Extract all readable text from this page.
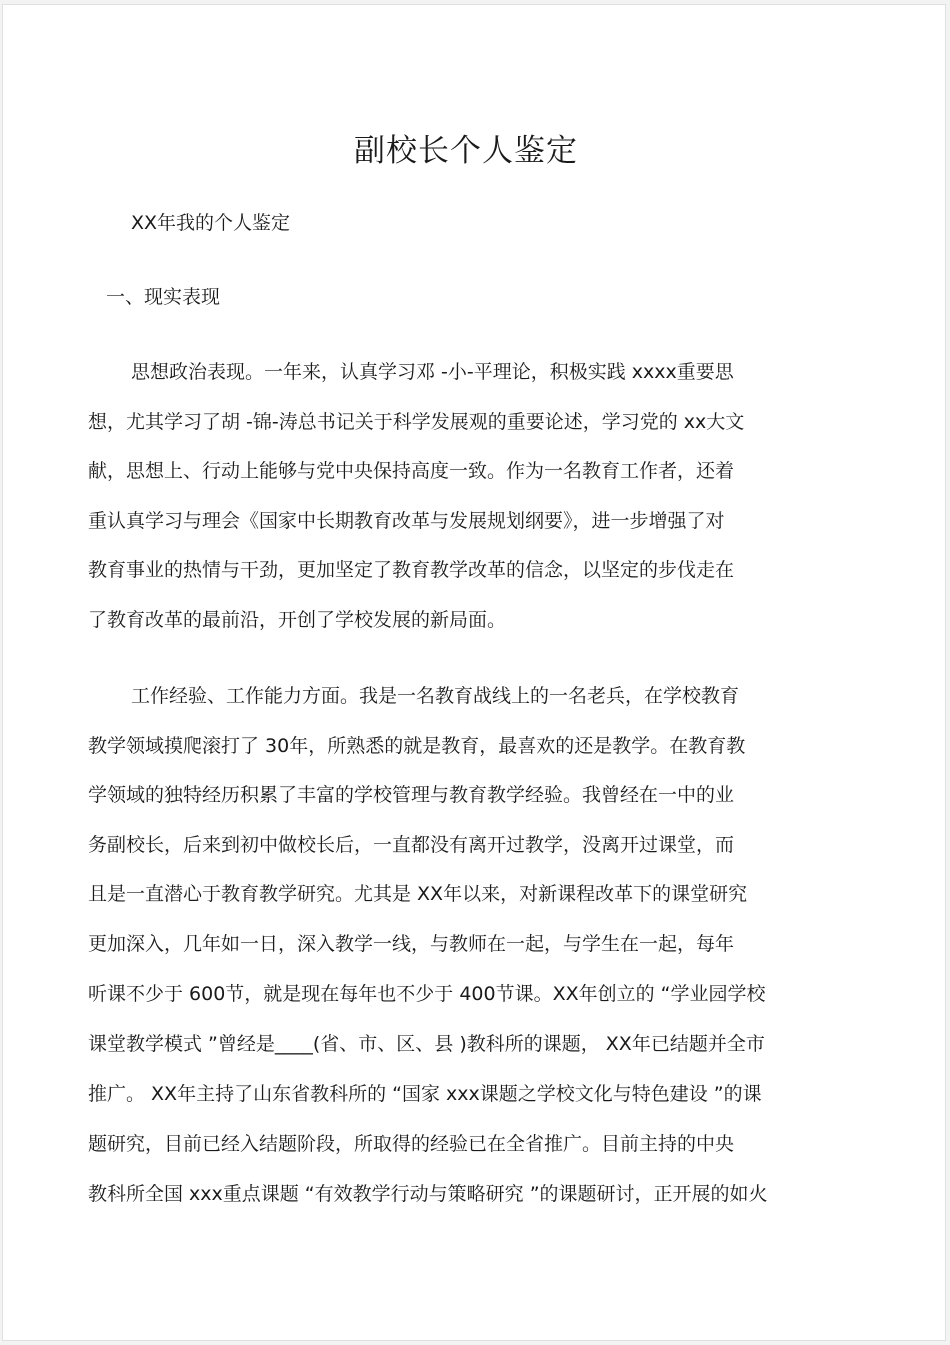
副校长个人鉴定
XX年我的个人鉴定
一、现实表现
思想政治表现。一年来，认真学习邓 -小-平理论，积极实践 xxxx重要思
想，尤其学习了胡 -锦-涛总书记关于科学发展观的重要论述，学习党的 xx大文
献，思想上、行动上能够与党中央保持高度一致。作为一名教育工作者，还着
重认真学习与理会《国家中长期教育改革与发展规划纲要》，进一步增强了对
教育事业的热情与干劲，更加坚定了教育教学改革的信念，以坚定的步伐走在
了教育改革的最前沿，开创了学校发展的新局面。
工作经验、工作能力方面。我是一名教育战线上的一名老兵，在学校教育
教学领域摸爬滚打了 30年，所熟悉的就是教育，最喜欢的还是教学。在教育教
学领域的独特经历积累了丰富的学校管理与教育教学经验。我曾经在一中的业
务副校长，后来到初中做校长后，一直都没有离开过教学，没离开过课堂，而
且是一直潜心于教育教学研究。尤其是 XX年以来，对新课程改革下的课堂研究
更加深入，几年如一日，深入教学一线，与教师在一起，与学生在一起，每年
听课不少于 600节，就是现在每年也不少于 400节课。XX年创立的 “学业园学校
课堂教学模式 ”曾经是____(省、市、区、县 )教科所的课题， XX年已结题并全市
推广。 XX年主持了山东省教科所的 “国家 xxx课题之学校文化与特色建设 ”的课
题研究，目前已经入结题阶段，所取得的经验已在全省推广。目前主持的中央
教科所全国 xxx重点课题 “有效教学行动与策略研究 ”的课题研讨，正开展的如火
